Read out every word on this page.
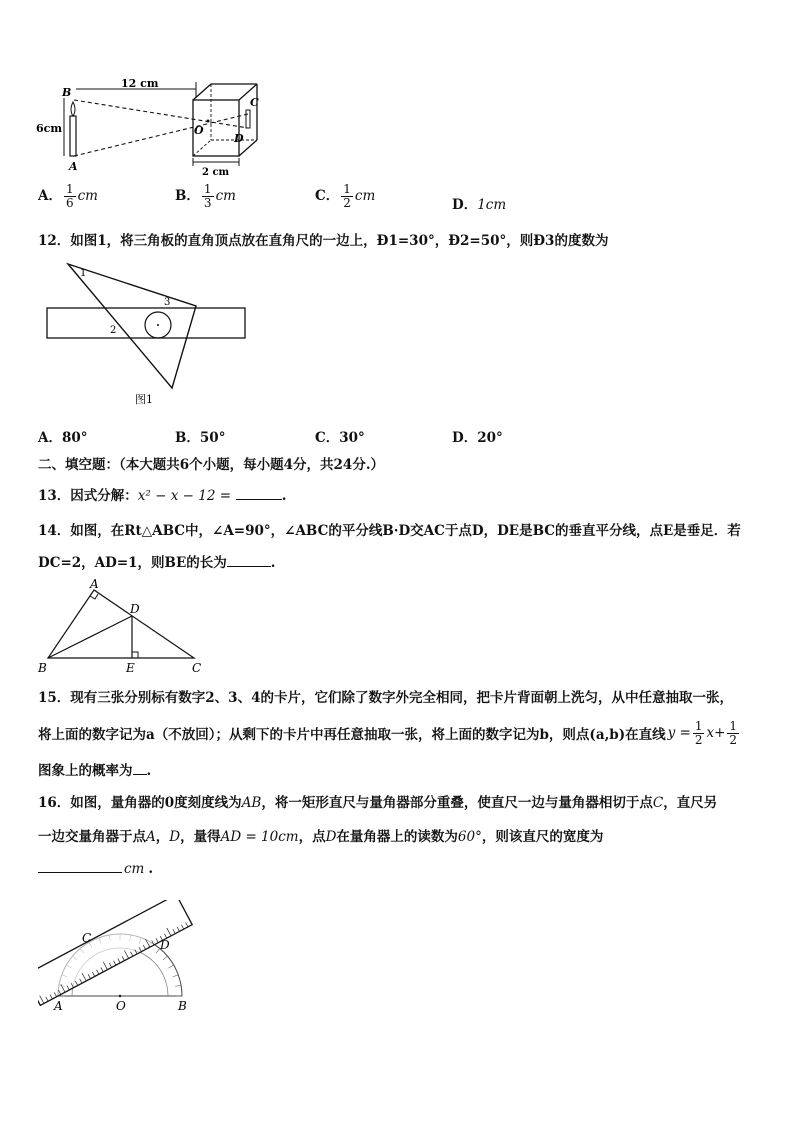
B
A
12 cm
6cm	O
C
D
2 cm
A． $\frac{1}{6}$ cm	B． $\frac{1}{3}$ cm	C． $\frac{1}{2}$ cm
D．1cm
12．如图1，将三角板的直角顶点放在直角尺的一边上，Ð1=30°，Ð2=50°，则Ð3的度数为
1
2
3
图1
A．80°	B．50°	C．30°	D．20°
二、填空题：（本大题共6个小题，每小题4分，共24分.）
13．因式分解：x² − x − 12 =	.
14．如图，在Rt△ABC中，∠A=90°，∠ABC的平分线B·D交AC于点D，DE是BC的垂直平分线，点E是垂足．若
DC=2，AD=1，则BE的长为	.
A
D
B	E	C
15．现有三张分别标有数字2、3、4的卡片，它们除了数字外完全相同，把卡片背面朝上洗匀，从中任意抽取一张，
将上面的数字记为a（不放回）；从剩下的卡片中再任意抽取一张，将上面的数字记为b，则点(a,b)在直线 $y = \frac{1}{2} x+ \frac{1}{2}$
图象上的概率为 .
16．如图，量角器的0度刻度线为AB，将一矩形直尺与量角器部分重叠，使直尺一边与量角器相切于点C，直尺另
一边交量角器于点A，D，量得AD = 10cm，点D在量角器上的读数为60°，则该直尺的宽度为
cm .
C	D
A	O	B
